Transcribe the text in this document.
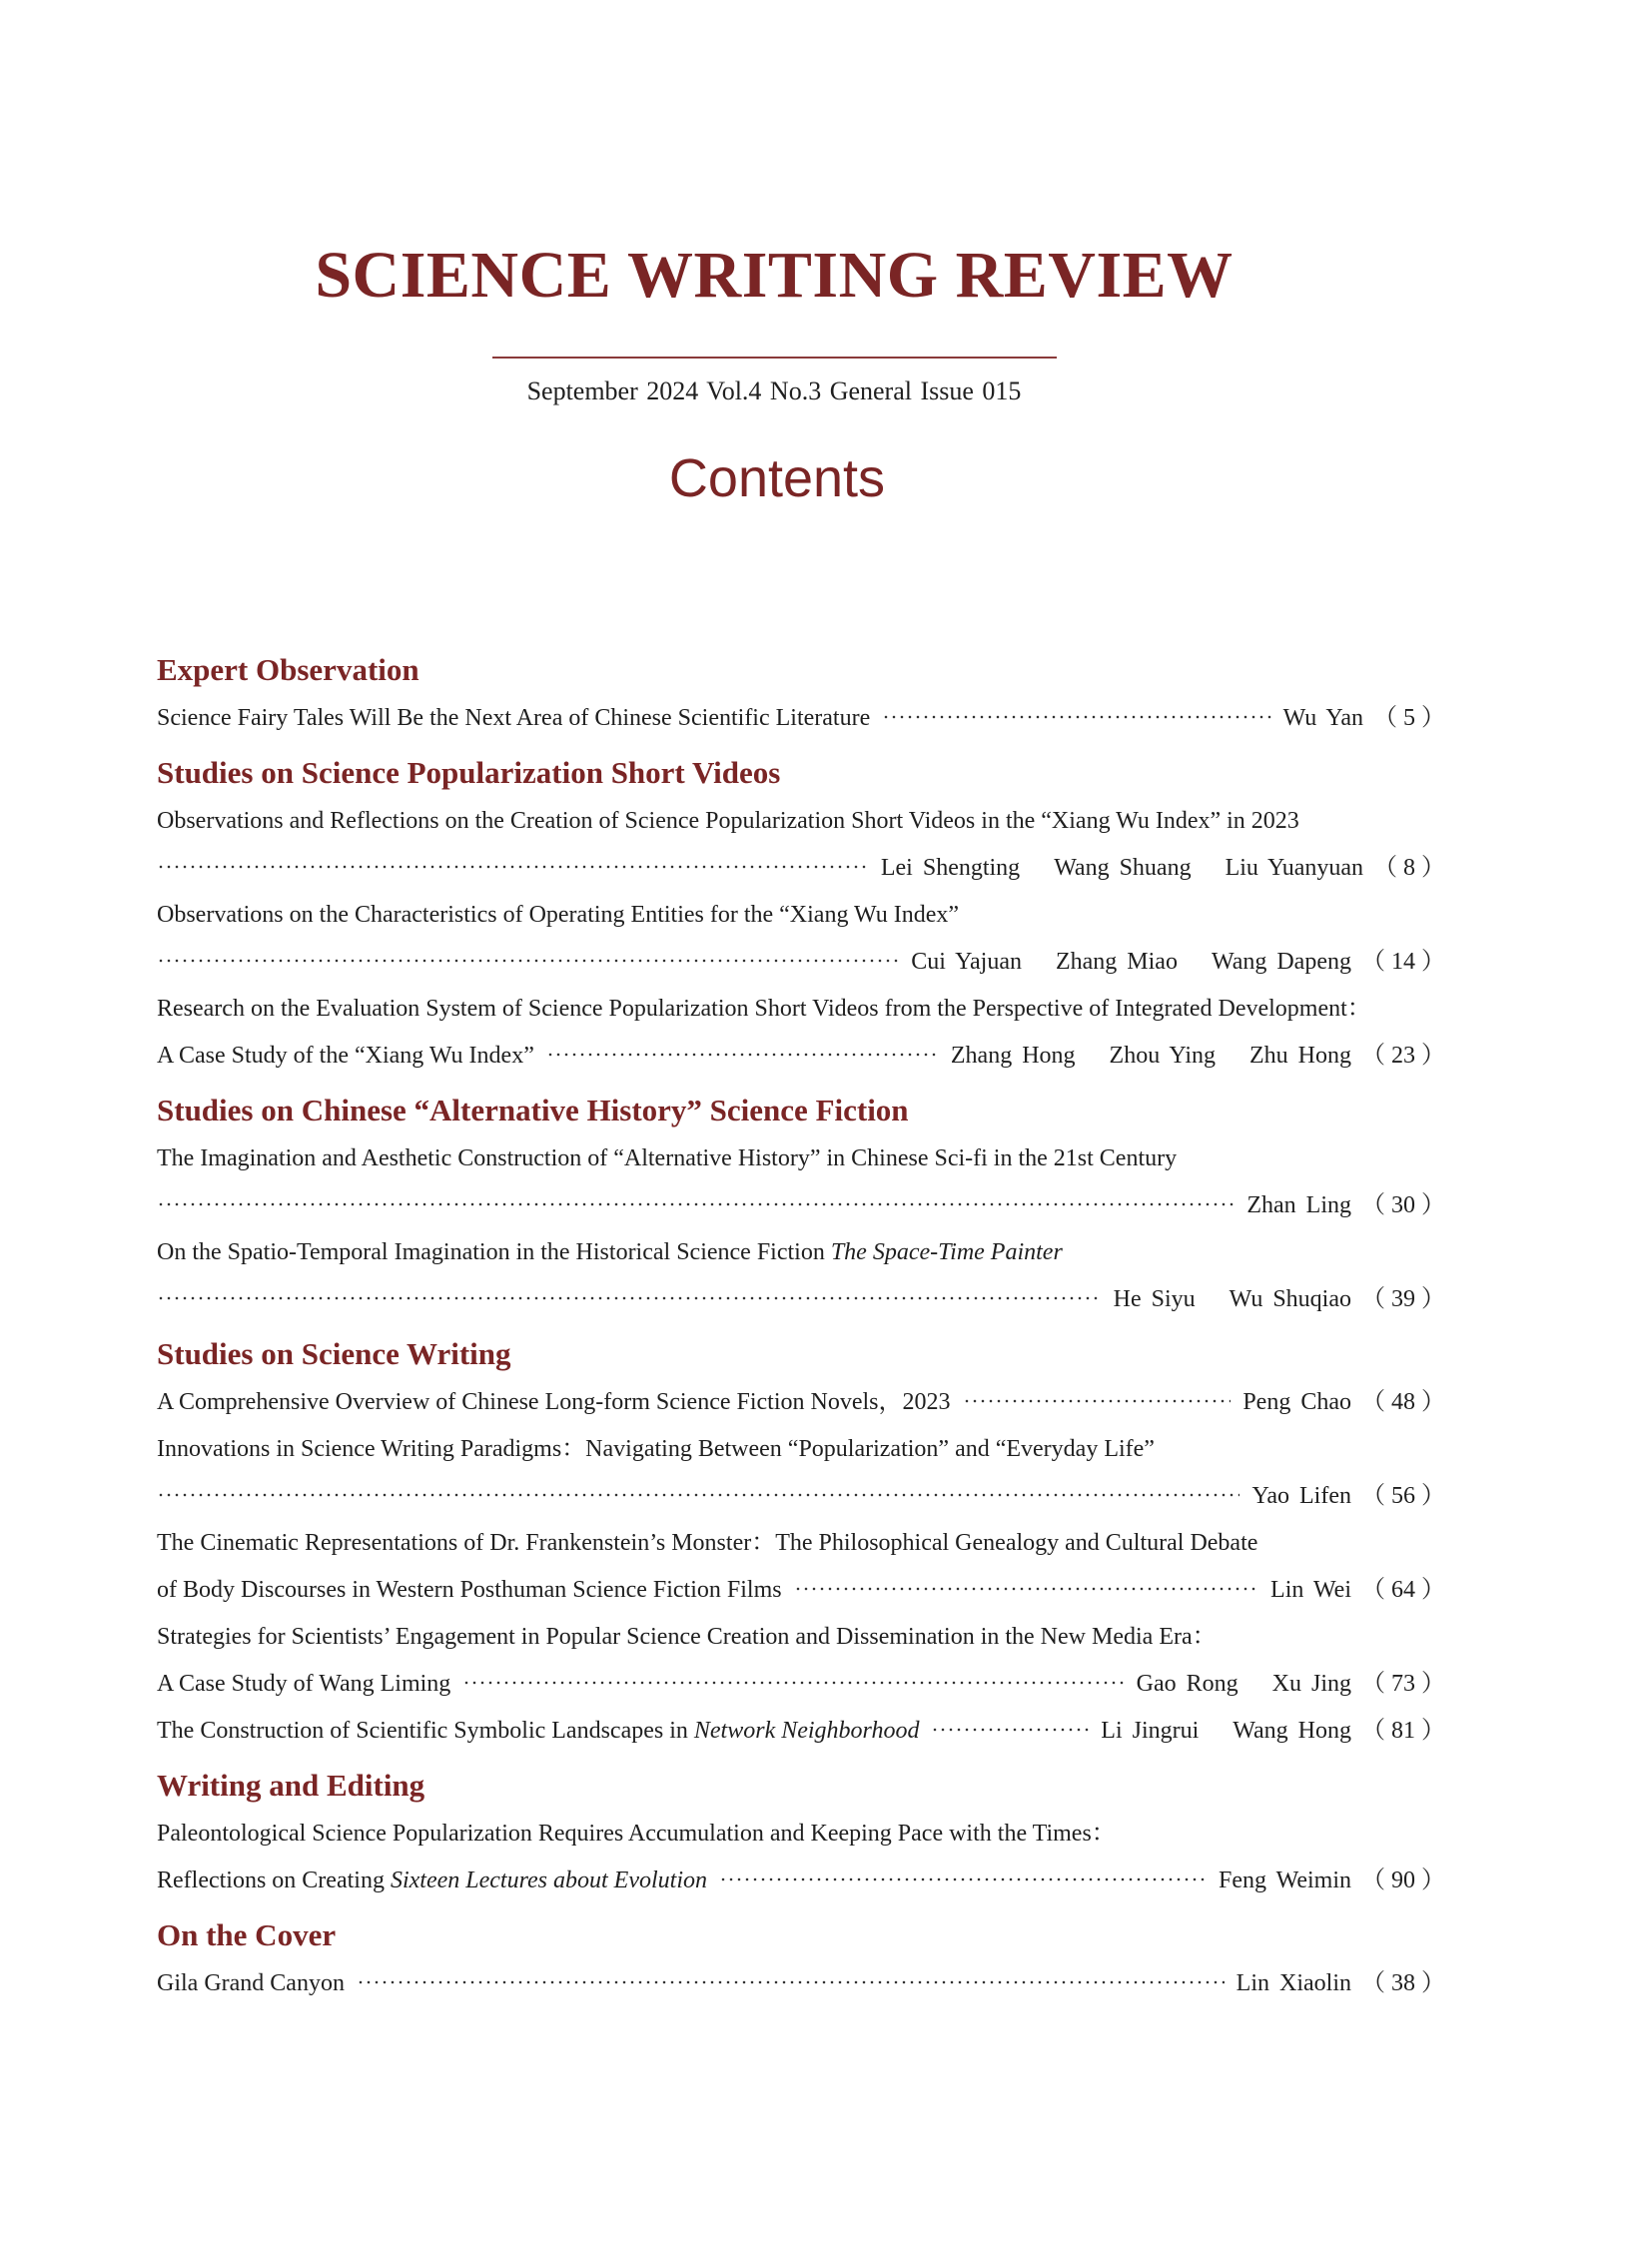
SCIENCE WRITING REVIEW
September 2024 Vol.4 No.3 General Issue 015
Contents
Expert Observation
Science Fairy Tales Will Be the Next Area of Chinese Scientific Literature	Wu Yan （ 5 ）
Studies on Science Popularization Short Videos
Observations and Reflections on the Creation of Science Popularization Short Videos in the “Xiang Wu Index” in 2023
Lei Shengting Wang Shuang Liu Yuanyuan （ 8 ）
Observations on the Characteristics of Operating Entities for the “Xiang Wu Index”
Cui Yajuan Zhang Miao Wang Dapeng （ 14 ）
Research on the Evaluation System of Science Popularization Short Videos from the Perspective of Integrated Development：
A Case Study of the “Xiang Wu Index”	Zhang Hong Zhou Ying Zhu Hong （ 23 ）
Studies on Chinese “Alternative History” Science Fiction
The Imagination and Aesthetic Construction of “Alternative History” in Chinese Sci-fi in the 21st Century
Zhan Ling （ 30 ）
On the Spatio-Temporal Imagination in the Historical Science Fiction The Space-Time Painter
He Siyu Wu Shuqiao （ 39 ）
Studies on Science Writing
A Comprehensive Overview of Chinese Long-form Science Fiction Novels，2023	Peng Chao （ 48 ）
Innovations in Science Writing Paradigms：Navigating Between “Popularization” and “Everyday Life”
Yao Lifen （ 56 ）
The Cinematic Representations of Dr. Frankenstein’s Monster：The Philosophical Genealogy and Cultural Debate
of Body Discourses in Western Posthuman Science Fiction Films	Lin Wei （ 64 ）
Strategies for Scientists’ Engagement in Popular Science Creation and Dissemination in the New Media Era：
A Case Study of Wang Liming	Gao Rong Xu Jing （ 73 ）
The Construction of Scientific Symbolic Landscapes in Network Neighborhood	Li Jingrui Wang Hong （ 81 ）
Writing and Editing
Paleontological Science Popularization Requires Accumulation and Keeping Pace with the Times：
Reflections on Creating Sixteen Lectures about Evolution	Feng Weimin （ 90 ）
On the Cover
Gila Grand Canyon	Lin Xiaolin （ 38 ）
